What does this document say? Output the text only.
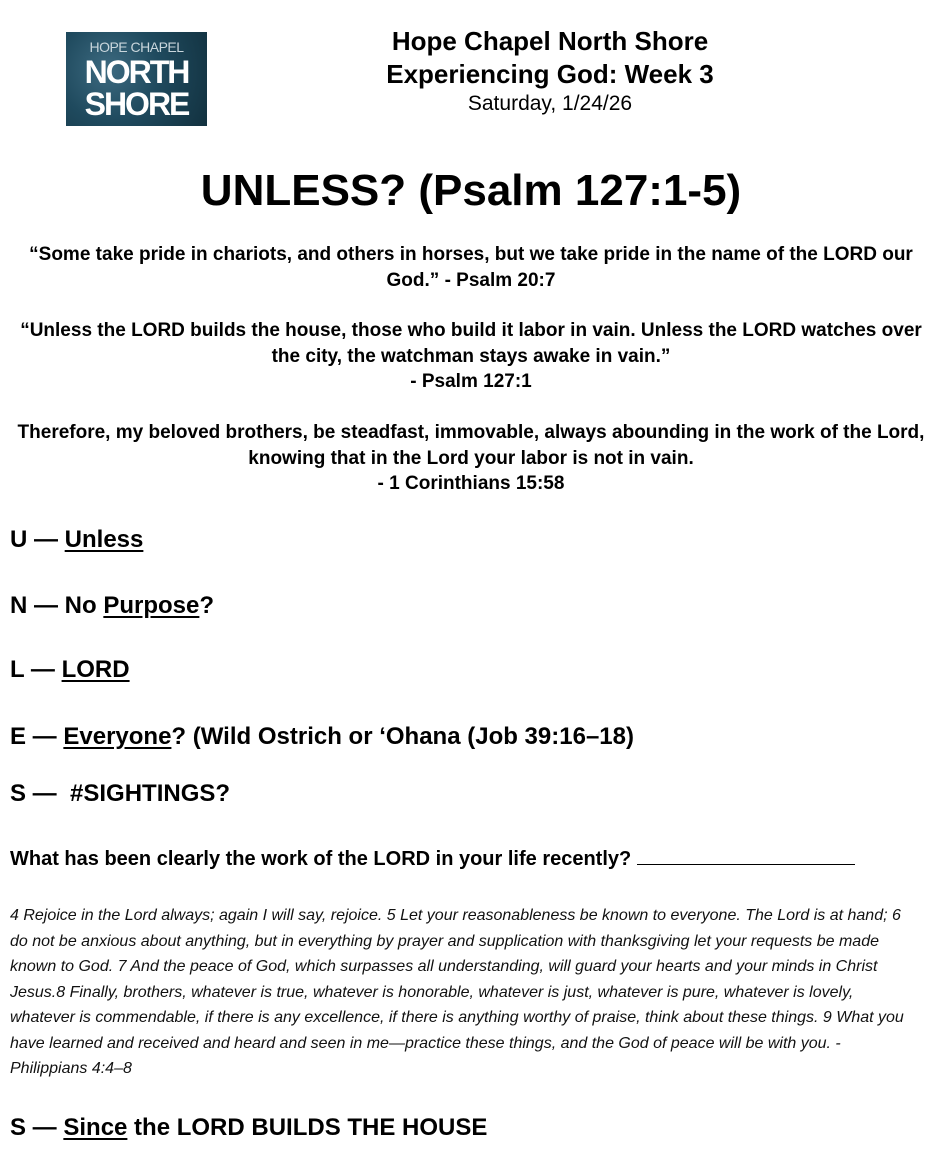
HOPE CHAPEL
NORTH
SHORE
Hope Chapel North Shore
Experiencing God: Week 3
Saturday, 1/24/26
UNLESS? (Psalm 127:1-5)
“Some take pride in chariots, and others in horses, but we take pride in the name of the LORD our God.” - Psalm 20:7
“Unless the LORD builds the house, those who build it labor in vain. Unless the LORD watches over the city, the watchman stays awake in vain.”
- Psalm 127:1
Therefore, my beloved brothers, be steadfast, immovable, always abounding in the work of the Lord, knowing that in the Lord your labor is not in vain.
- 1 Corinthians 15:58
U — Unless
N — No Purpose?
L — LORD
E — Everyone? (Wild Ostrich or ‘Ohana (Job 39:16–18)
S —  #SIGHTINGS?
What has been clearly the work of the LORD in your life recently?
4 Rejoice in the Lord always; again I will say, rejoice. 5 Let your reasonableness be known to everyone. The Lord is at hand; 6 do not be anxious about anything, but in everything by prayer and supplication with thanksgiving let your requests be made known to God. 7 And the peace of God, which surpasses all understanding, will guard your hearts and your minds in Christ Jesus.8 Finally, brothers, whatever is true, whatever is honorable, whatever is just, whatever is pure, whatever is lovely, whatever is commendable, if there is any excellence, if there is anything worthy of praise, think about these things. 9 What you have learned and received and heard and seen in me—practice these things, and the God of peace will be with you. - Philippians 4:4–8
S — Since the LORD BUILDS THE HOUSE
